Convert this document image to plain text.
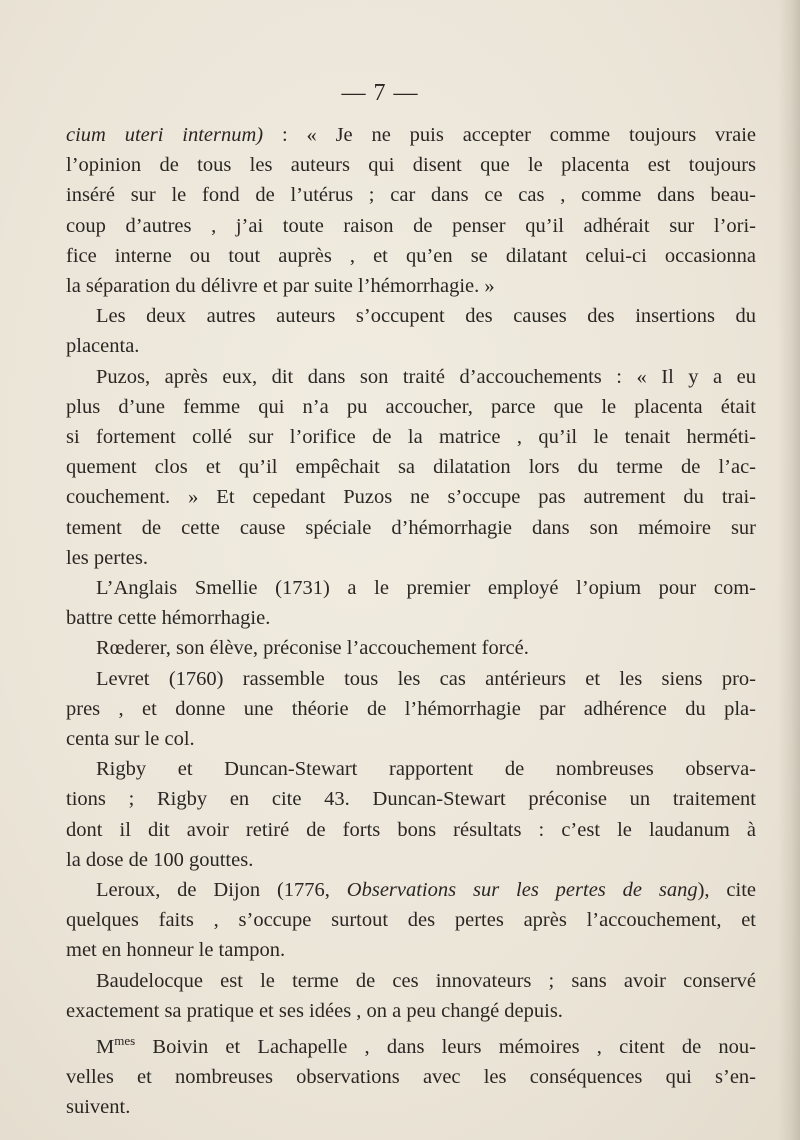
— 7 —
cium uteri internum) : « Je ne puis accepter comme toujours vraie
l’opinion de tous les auteurs qui disent que le placenta est toujours
inséré sur le fond de l’utérus ; car dans ce cas , comme dans beau-
coup d’autres , j’ai toute raison de penser qu’il adhérait sur l’ori-
fice interne ou tout auprès , et qu’en se dilatant celui-ci occasionna
la séparation du délivre et par suite l’hémorrhagie. »
Les deux autres auteurs s’occupent des causes des insertions du
placenta.
Puzos, après eux, dit dans son traité d’accouchements : « Il y a eu
plus d’une femme qui n’a pu accoucher, parce que le placenta était
si fortement collé sur l’orifice de la matrice , qu’il le tenait herméti-
quement clos et qu’il empêchait sa dilatation lors du terme de l’ac-
couchement. » Et cepedant Puzos ne s’occupe pas autrement du trai-
tement de cette cause spéciale d’hémorrhagie dans son mémoire sur
les pertes.
L’Anglais Smellie (1731) a le premier employé l’opium pour com-
battre cette hémorrhagie.
Rœderer, son élève, préconise l’accouchement forcé.
Levret (1760) rassemble tous les cas antérieurs et les siens pro-
pres , et donne une théorie de l’hémorrhagie par adhérence du pla-
centa sur le col.
Rigby et Duncan-Stewart rapportent de nombreuses observa-
tions ; Rigby en cite 43. Duncan-Stewart préconise un traitement
dont il dit avoir retiré de forts bons résultats : c’est le laudanum à
la dose de 100 gouttes.
Leroux, de Dijon (1776, Observations sur les pertes de sang), cite
quelques faits , s’occupe surtout des pertes après l’accouchement, et
met en honneur le tampon.
Baudelocque est le terme de ces innovateurs ; sans avoir conservé
exactement sa pratique et ses idées , on a peu changé depuis.
$M^{mes}$ Boivin et Lachapelle , dans leurs mémoires , citent de nou-
velles et nombreuses observations avec les conséquences qui s’en-
suivent.
